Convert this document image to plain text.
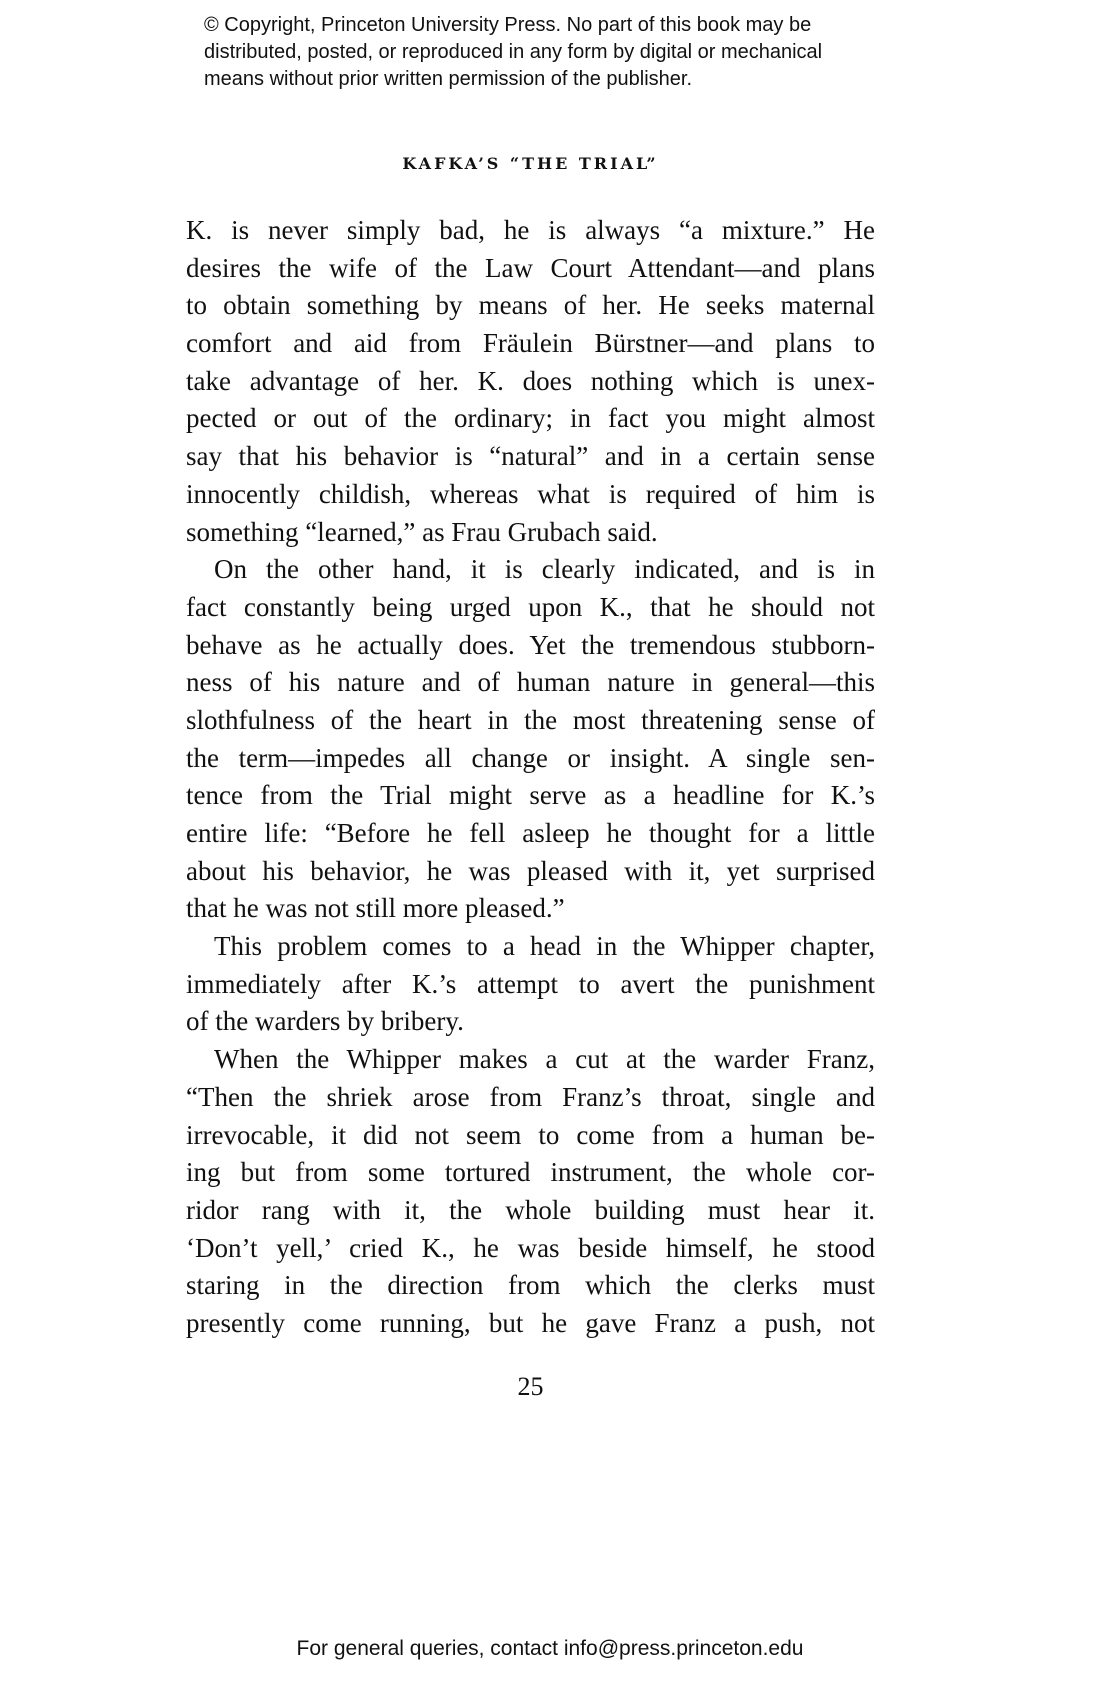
© Copyright, Princeton University Press. No part of this book may be
distributed, posted, or reproduced in any form by digital or mechanical
means without prior written permission of the publisher.
KAFKA’S “THE TRIAL”
K. is never simply bad, he is always “a mixture.” He
desires the wife of the Law Court Attendant—and plans
to obtain something by means of her. He seeks maternal
comfort and aid from Fräulein Bürstner—and plans to
take advantage of her. K. does nothing which is unex-
pected or out of the ordinary; in fact you might almost
say that his behavior is “natural” and in a certain sense
innocently childish, whereas what is required of him is
something “learned,” as Frau Grubach said.
On the other hand, it is clearly indicated, and is in
fact constantly being urged upon K., that he should not
behave as he actually does. Yet the tremendous stubborn-
ness of his nature and of human nature in general—this
slothfulness of the heart in the most threatening sense of
the term—impedes all change or insight. A single sen-
tence from the Trial might serve as a headline for K.’s
entire life: “Before he fell asleep he thought for a little
about his behavior, he was pleased with it, yet surprised
that he was not still more pleased.”
This problem comes to a head in the Whipper chapter,
immediately after K.’s attempt to avert the punishment
of the warders by bribery.
When the Whipper makes a cut at the warder Franz,
“Then the shriek arose from Franz’s throat, single and
irrevocable, it did not seem to come from a human be-
ing but from some tortured instrument, the whole cor-
ridor rang with it, the whole building must hear it.
‘Don’t yell,’ cried K., he was beside himself, he stood
staring in the direction from which the clerks must
presently come running, but he gave Franz a push, not
25
For general queries, contact info@press.princeton.edu
